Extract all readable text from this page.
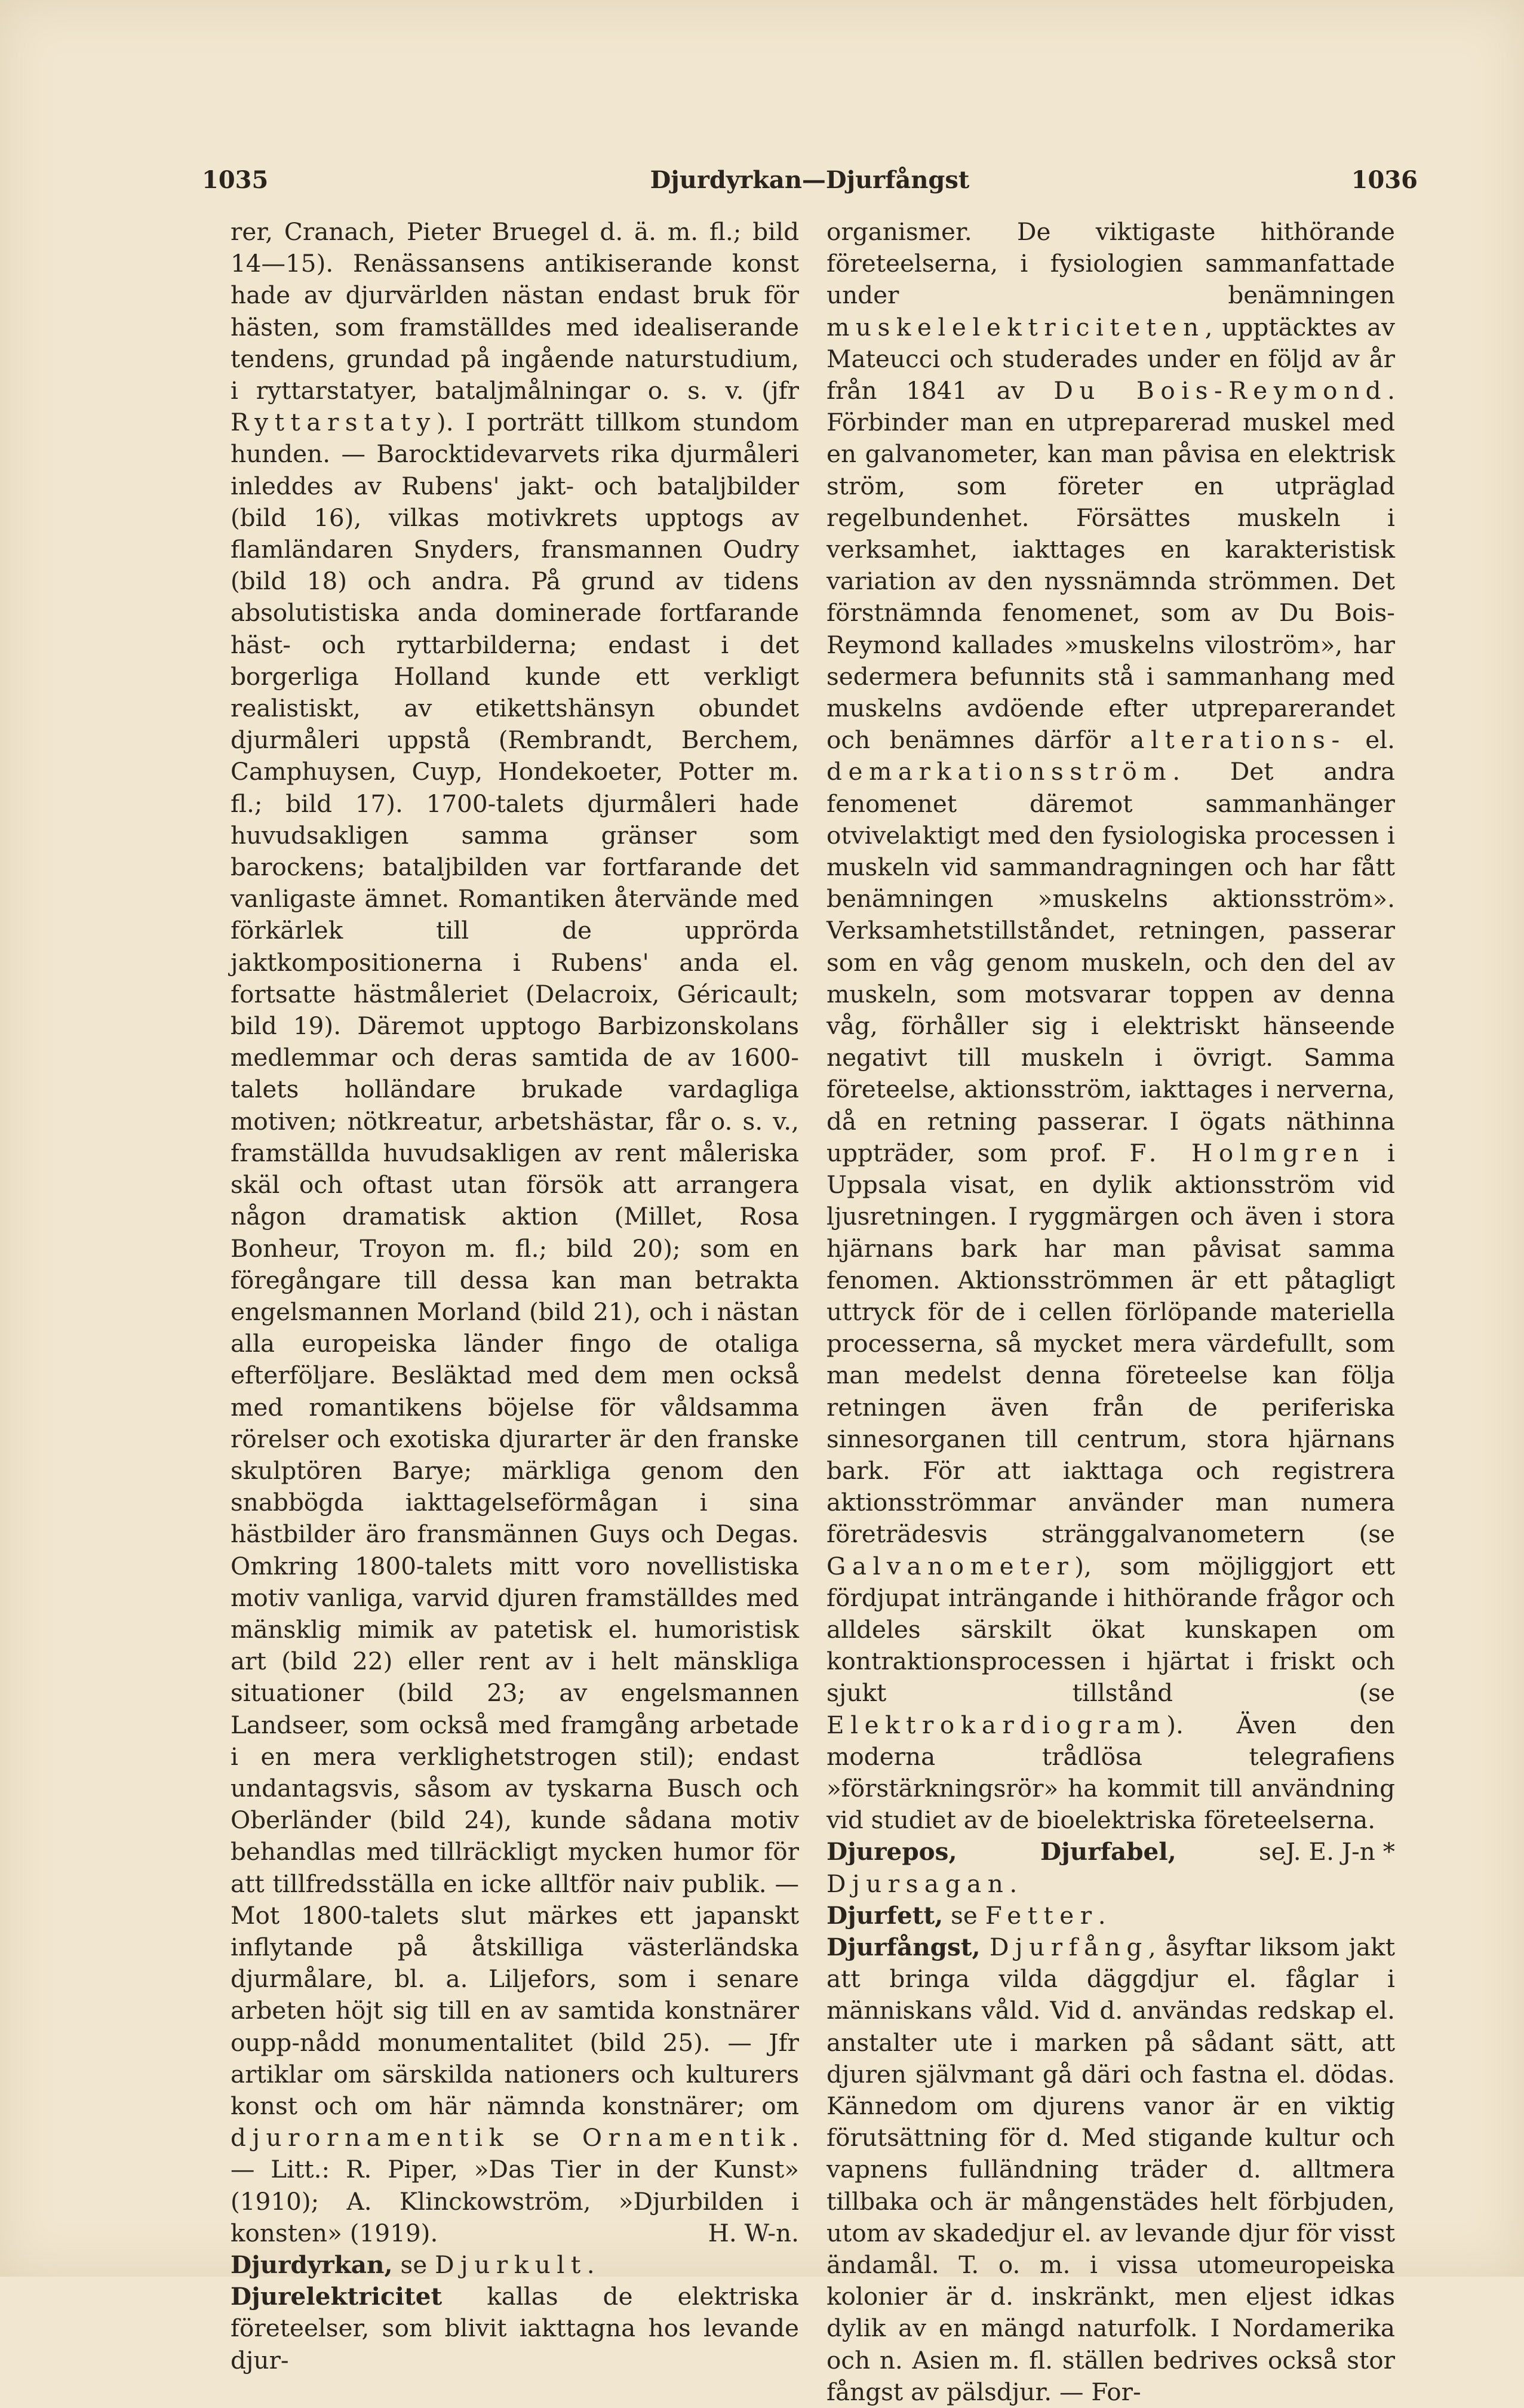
1035	Djurdyrkan—Djurfångst	1036

rer, Cranach, Pieter Bruegel d. ä. m. fl.; bild 14—15). Renässansens antikiserande konst hade av djurvärlden nästan endast bruk för hästen, som framställdes med idealiserande tendens, grundad på ingående naturstudium, i ryttarstatyer, bataljmålningar o. s. v. (jfr Ryttarstaty). I porträtt tillkom stundom hunden. — Barocktidevarvets rika djurmåleri inleddes av Rubens' jakt- och bataljbilder (bild 16), vilkas motivkrets upptogs av flamländaren Snyders, fransmannen Oudry (bild 18) och andra. På grund av tidens absolutistiska anda dominerade fortfarande häst- och ryttarbilderna; endast i det borgerliga Holland kunde ett verkligt realistiskt, av etikettshänsyn obundet djurmåleri uppstå (Rembrandt, Berchem, Camphuysen, Cuyp, Hondekoeter, Potter m. fl.; bild 17). 1700-talets djurmåleri hade huvudsakligen samma gränser som barockens; bataljbilden var fortfarande det vanligaste ämnet. Romantiken återvände med förkärlek till de upprörda jaktkompositionerna i Rubens' anda el. fortsatte hästmåleriet (Delacroix, Géricault; bild 19). Däremot upptogo Barbizonskolans medlemmar och deras samtida de av 1600-talets holländare brukade vardagliga motiven; nötkreatur, arbetshästar, får o. s. v., framställda huvudsakligen av rent måleriska skäl och oftast utan försök att arrangera någon dramatisk aktion (Millet, Rosa Bonheur, Troyon m. fl.; bild 20); som en föregångare till dessa kan man betrakta engelsmannen Morland (bild 21), och i nästan alla europeiska länder fingo de otaliga efterföljare. Besläktad med dem men också med romantikens böjelse för våldsamma rörelser och exotiska djurarter är den franske skulptören Barye; märkliga genom den snabbögda iakttagelseförmågan i sina hästbilder äro fransmännen Guys och Degas. Omkring 1800-talets mitt voro novellistiska motiv vanliga, varvid djuren framställdes med mänsklig mimik av patetisk el. humoristisk art (bild 22) eller rent av i helt mänskliga situationer (bild 23; av engelsmannen Landseer, som också med framgång arbetade i en mera verklighetstrogen stil); endast undantagsvis, såsom av tyskarna Busch och Oberländer (bild 24), kunde sådana motiv behandlas med tillräckligt mycken humor för att tillfredsställa en icke alltför naiv publik. — Mot 1800-talets slut märkes ett japanskt inflytande på åtskilliga västerländska djurmålare, bl. a. Liljefors, som i senare arbeten höjt sig till en av samtida konstnärer oupp-nådd monumentalitet (bild 25). — Jfr artiklar om särskilda nationers och kulturers konst och om här nämnda konstnärer; om djurornamentik se Ornamentik. — Litt.: R. Piper, »Das Tier in der Kunst» (1910); A. Klinckowström, »Djurbilden i konsten» (1919).	H. W-n.

Djurdyrkan, se Djurkult.

Djurelektricitet kallas de elektriska företeelser, som blivit iakttagna hos levande djur-

organismer. De viktigaste hithörande företeelserna, i fysiologien sammanfattade under benämningen muskelelektriciteten, upptäcktes av Mateucci och studerades under en följd av år från 1841 av Du Bois-Reymond. Förbinder man en utpreparerad muskel med en galvanometer, kan man påvisa en elektrisk ström, som företer en utpräglad regelbundenhet. Försättes muskeln i verksamhet, iakttages en karakteristisk variation av den nyssnämnda strömmen. Det förstnämnda fenomenet, som av Du Bois-Reymond kallades »muskelns viloström», har sedermera befunnits stå i sammanhang med muskelns avdöende efter utpreparerandet och benämnes därför alterations- el. demarkationsström. Det andra fenomenet däremot sammanhänger otvivelaktigt med den fysiologiska processen i muskeln vid sammandragningen och har fått benämningen »muskelns aktionsström». Verksamhetstillståndet, retningen, passerar som en våg genom muskeln, och den del av muskeln, som motsvarar toppen av denna våg, förhåller sig i elektriskt hänseende negativt till muskeln i övrigt. Samma företeelse, aktionsström, iakttages i nerverna, då en retning passerar. I ögats näthinna uppträder, som prof. F. Holmgren i Uppsala visat, en dylik aktionsström vid ljusretningen. I ryggmärgen och även i stora hjärnans bark har man påvisat samma fenomen. Aktionsströmmen är ett påtagligt uttryck för de i cellen förlöpande materiella processerna, så mycket mera värdefullt, som man medelst denna företeelse kan följa retningen även från de periferiska sinnesorganen till centrum, stora hjärnans bark. För att iakttaga och registrera aktionsströmmar använder man numera företrädesvis stränggalvanometern (se Galvanometer), som möjliggjort ett fördjupat inträngande i hithörande frågor och alldeles särskilt ökat kunskapen om kontraktionsprocessen i hjärtat i friskt och sjukt tillstånd (se Elektrokardiogram). Även den moderna trådlösa telegrafiens »förstärkningsrör» ha kommit till användning vid studiet av de bioelektriska företeelserna.
J. E. J-n *

Djurepos, Djurfabel,	se Djursagan.

Djurfett, se Fetter.

Djurfångst, Djurfång, åsyftar liksom jakt att bringa vilda däggdjur el. fåglar i människans våld. Vid d. användas redskap el. anstalter ute i marken på sådant sätt, att djuren självmant gå däri och fastna el. dödas. Kännedom om djurens vanor är en viktig förutsättning för d. Med stigande kultur och vapnens fulländning träder d. alltmera tillbaka och är mångenstädes helt förbjuden, utom av skadedjur el. av levande djur för visst ändamål. T. o. m. i vissa utomeuropeiska kolonier är d. inskränkt, men eljest idkas dylik av en mängd naturfolk. I Nordamerika och n. Asien m. fl. ställen bedrives också stor fångst av pälsdjur. — For-
